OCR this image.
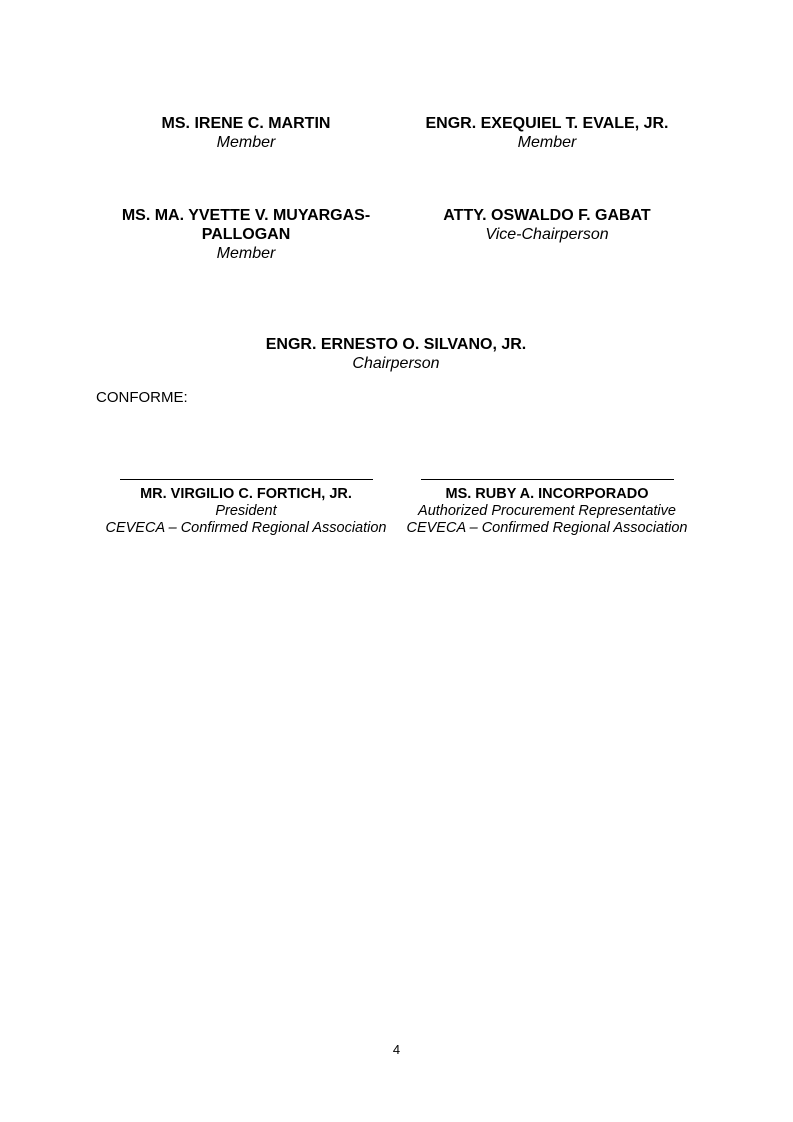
MS. IRENE C. MARTIN
Member
ENGR. EXEQUIEL T. EVALE, JR.
Member
MS. MA. YVETTE V. MUYARGAS-
PALLOGAN
Member
ATTY. OSWALDO F. GABAT
Vice-Chairperson
ENGR. ERNESTO O. SILVANO, JR.
Chairperson
CONFORME:
MR. VIRGILIO C. FORTICH, JR.
President
CEVECA – Confirmed Regional Association
MS. RUBY A. INCORPORADO
Authorized Procurement Representative
CEVECA – Confirmed Regional Association
4
